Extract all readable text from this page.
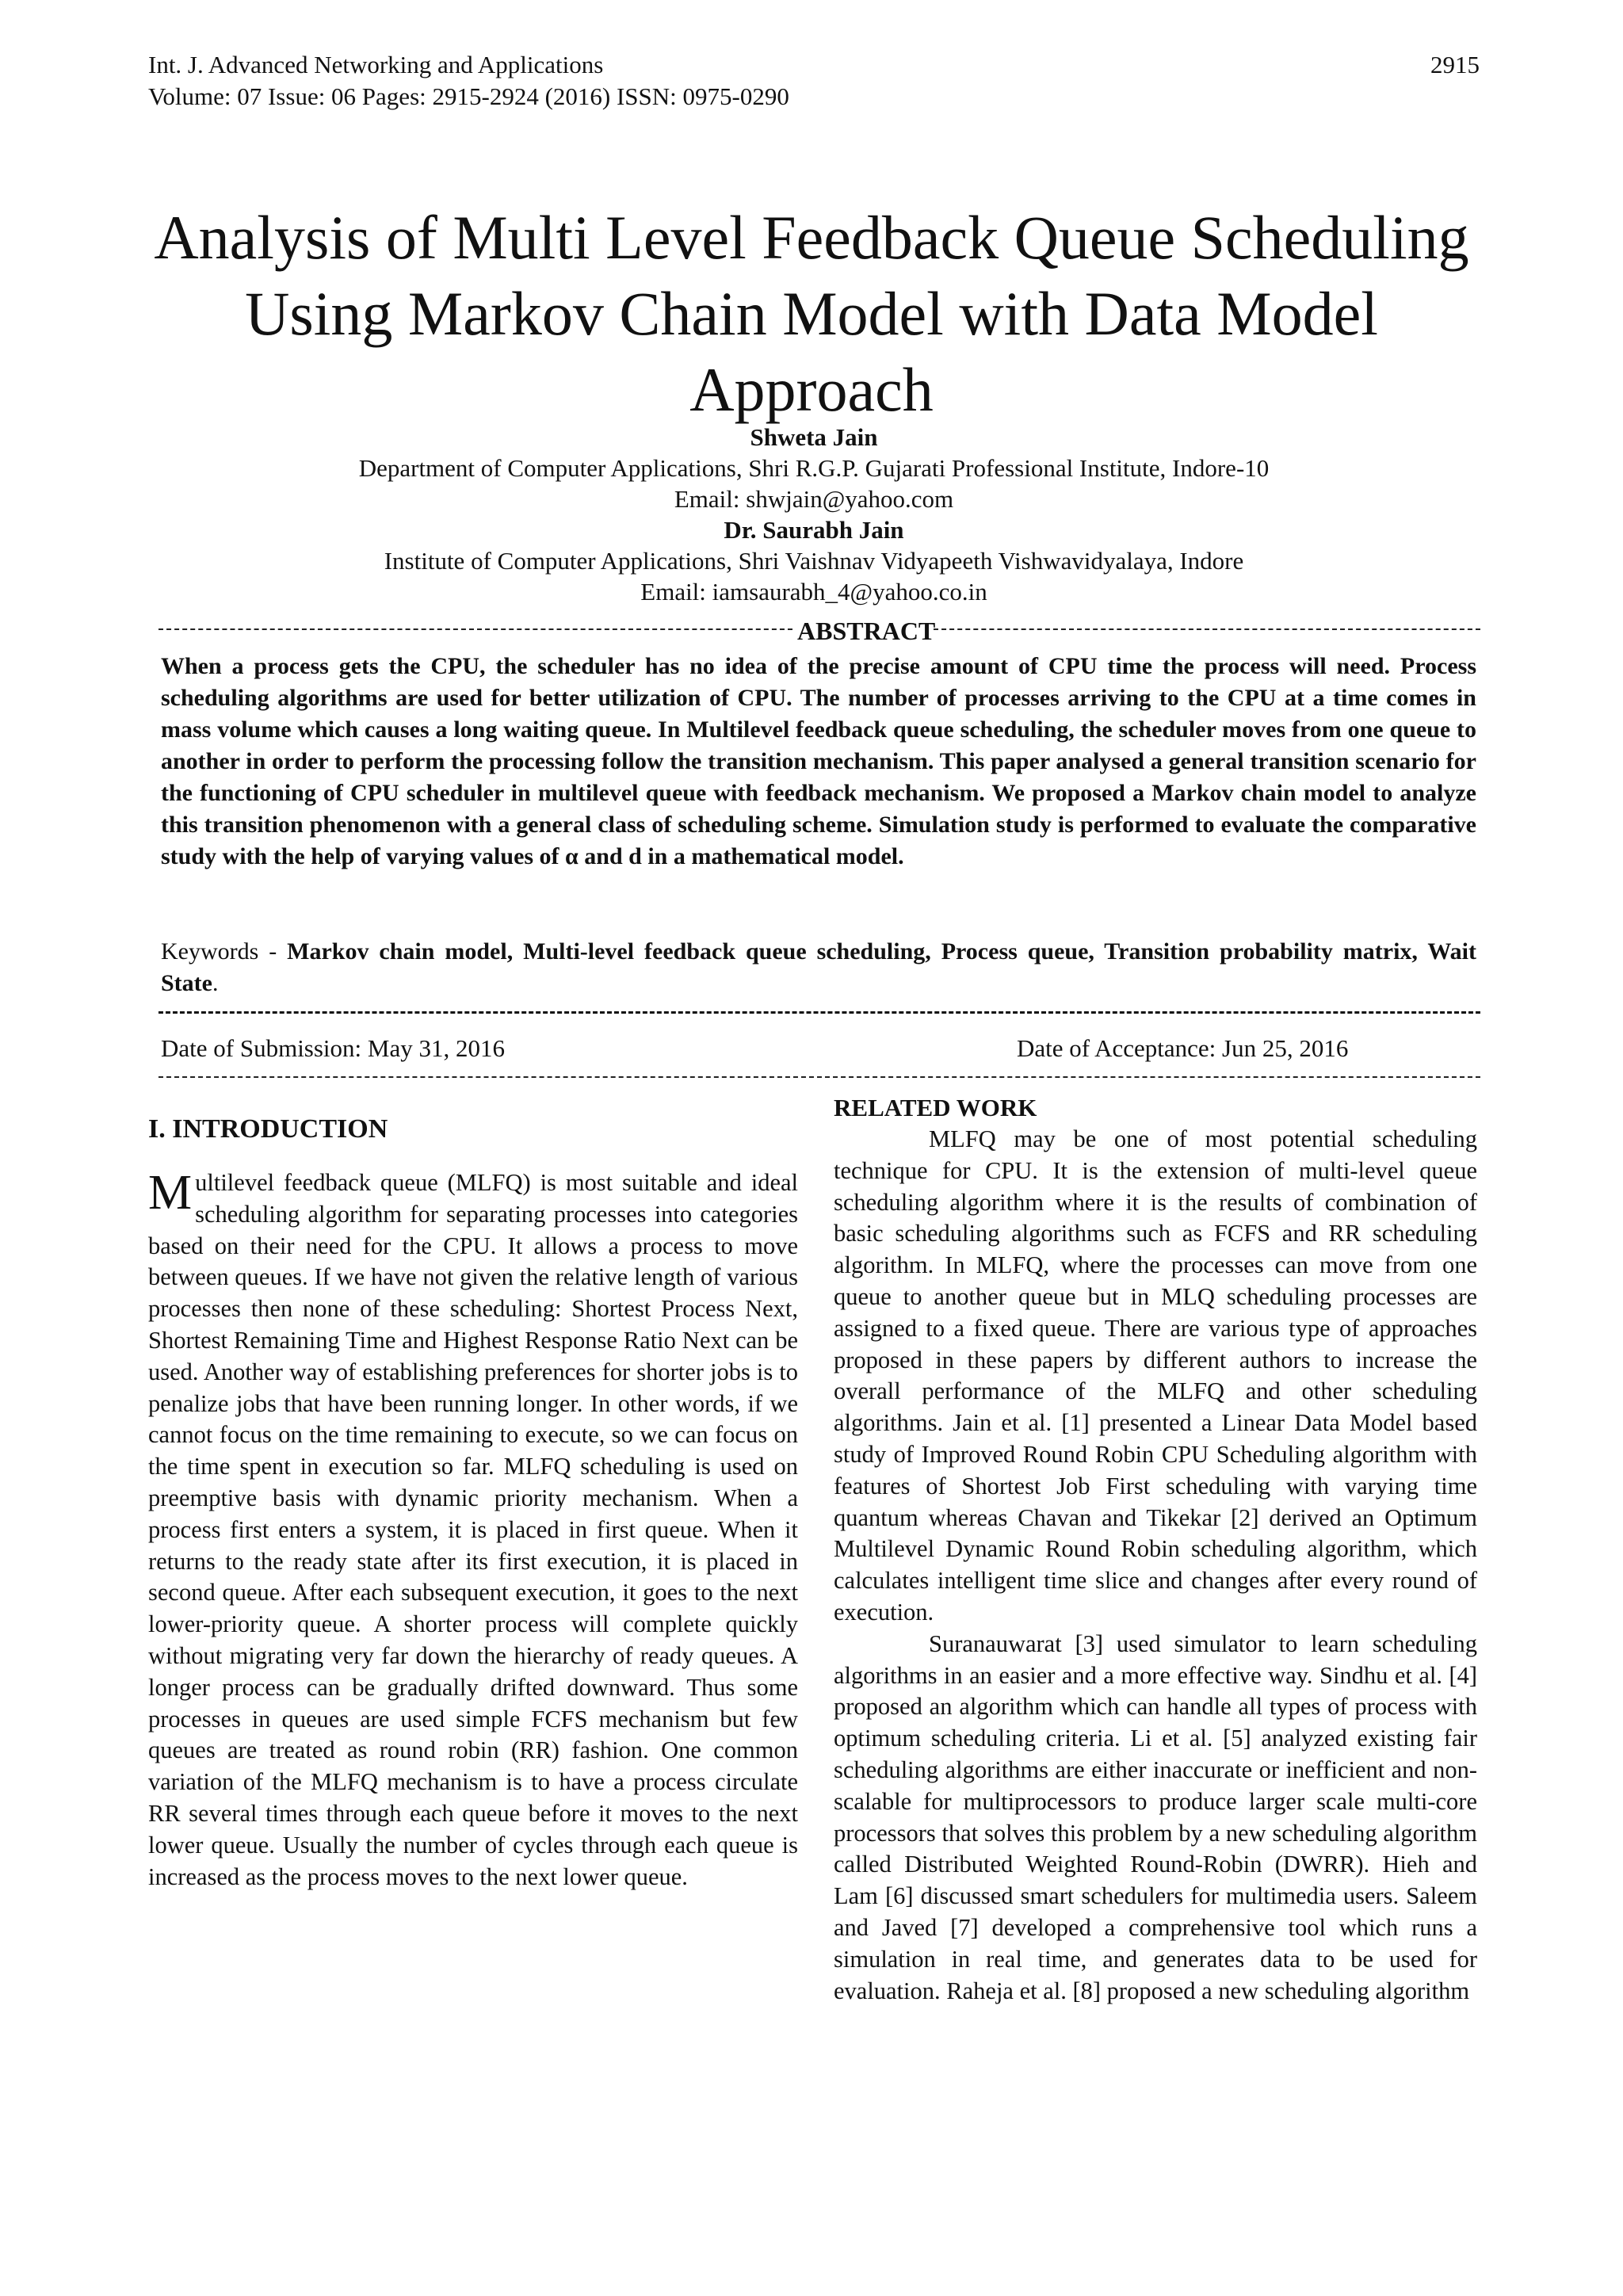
Int. J. Advanced Networking and Applications
Volume: 07 Issue: 06 Pages: 2915-2924 (2016) ISSN: 0975-0290
2915
Analysis of Multi Level Feedback Queue Scheduling Using Markov Chain Model with Data Model Approach
Shweta Jain
Department of Computer Applications, Shri R.G.P. Gujarati Professional Institute, Indore-10
Email: shwjain@yahoo.com
Dr. Saurabh Jain
Institute of Computer Applications, Shri Vaishnav Vidyapeeth Vishwavidyalaya, Indore
Email: iamsaurabh_4@yahoo.co.in
ABSTRACT

When a process gets the CPU, the scheduler has no idea of the precise amount of CPU time the process will need. Process scheduling algorithms are used for better utilization of CPU. The number of processes arriving to the CPU at a time comes in mass volume which causes a long waiting queue. In Multilevel feedback queue scheduling, the scheduler moves from one queue to another in order to perform the processing follow the transition mechanism. This paper analysed a general transition scenario for the functioning of CPU scheduler in multilevel queue with feedback mechanism. We proposed a Markov chain model to analyze this transition phenomenon with a general class of scheduling scheme. Simulation study is performed to evaluate the comparative study with the help of varying values of α and d in a mathematical model.

Keywords - Markov chain model, Multi-level feedback queue scheduling, Process queue, Transition probability matrix, Wait State.

Date of Submission: May 31, 2016	Date of Acceptance: Jun 25, 2016
I. INTRODUCTION

Multilevel feedback queue (MLFQ) is most suitable and ideal scheduling algorithm for separating processes into categories based on their need for the CPU. It allows a process to move between queues. If we have not given the relative length of various processes then none of these scheduling: Shortest Process Next, Shortest Remaining Time and Highest Response Ratio Next can be used. Another way of establishing preferences for shorter jobs is to penalize jobs that have been running longer. In other words, if we cannot focus on the time remaining to execute, so we can focus on the time spent in execution so far. MLFQ scheduling is used on preemptive basis with dynamic priority mechanism. When a process first enters a system, it is placed in first queue. When it returns to the ready state after its first execution, it is placed in second queue. After each subsequent execution, it goes to the next lower-priority queue. A shorter process will complete quickly without migrating very far down the hierarchy of ready queues. A longer process can be gradually drifted downward. Thus some processes in queues are used simple FCFS mechanism but few queues are treated as round robin (RR) fashion. One common variation of the MLFQ mechanism is to have a process circulate RR several times through each queue before it moves to the next lower queue. Usually the number of cycles through each queue is increased as the process moves to the next lower queue.

RELATED WORK

MLFQ may be one of most potential scheduling technique for CPU. It is the extension of multi-level queue scheduling algorithm where it is the results of combination of basic scheduling algorithms such as FCFS and RR scheduling algorithm. In MLFQ, where the processes can move from one queue to another queue but in MLQ scheduling processes are assigned to a fixed queue. There are various type of approaches proposed in these papers by different authors to increase the overall performance of the MLFQ and other scheduling algorithms. Jain et al. [1] presented a Linear Data Model based study of Improved Round Robin CPU Scheduling algorithm with features of Shortest Job First scheduling with varying time quantum whereas Chavan and Tikekar [2] derived an Optimum Multilevel Dynamic Round Robin scheduling algorithm, which calculates intelligent time slice and changes after every round of execution.

Suranauwarat [3] used simulator to learn scheduling algorithms in an easier and a more effective way. Sindhu et al. [4] proposed an algorithm which can handle all types of process with optimum scheduling criteria. Li et al. [5] analyzed existing fair scheduling algorithms are either inaccurate or inefficient and non-scalable for multiprocessors to produce larger scale multi-core processors that solves this problem by a new scheduling algorithm called Distributed Weighted Round-Robin (DWRR). Hieh and Lam [6] discussed smart schedulers for multimedia users. Saleem and Javed [7] developed a comprehensive tool which runs a simulation in real time, and generates data to be used for evaluation. Raheja et al. [8] proposed a new scheduling algorithm
